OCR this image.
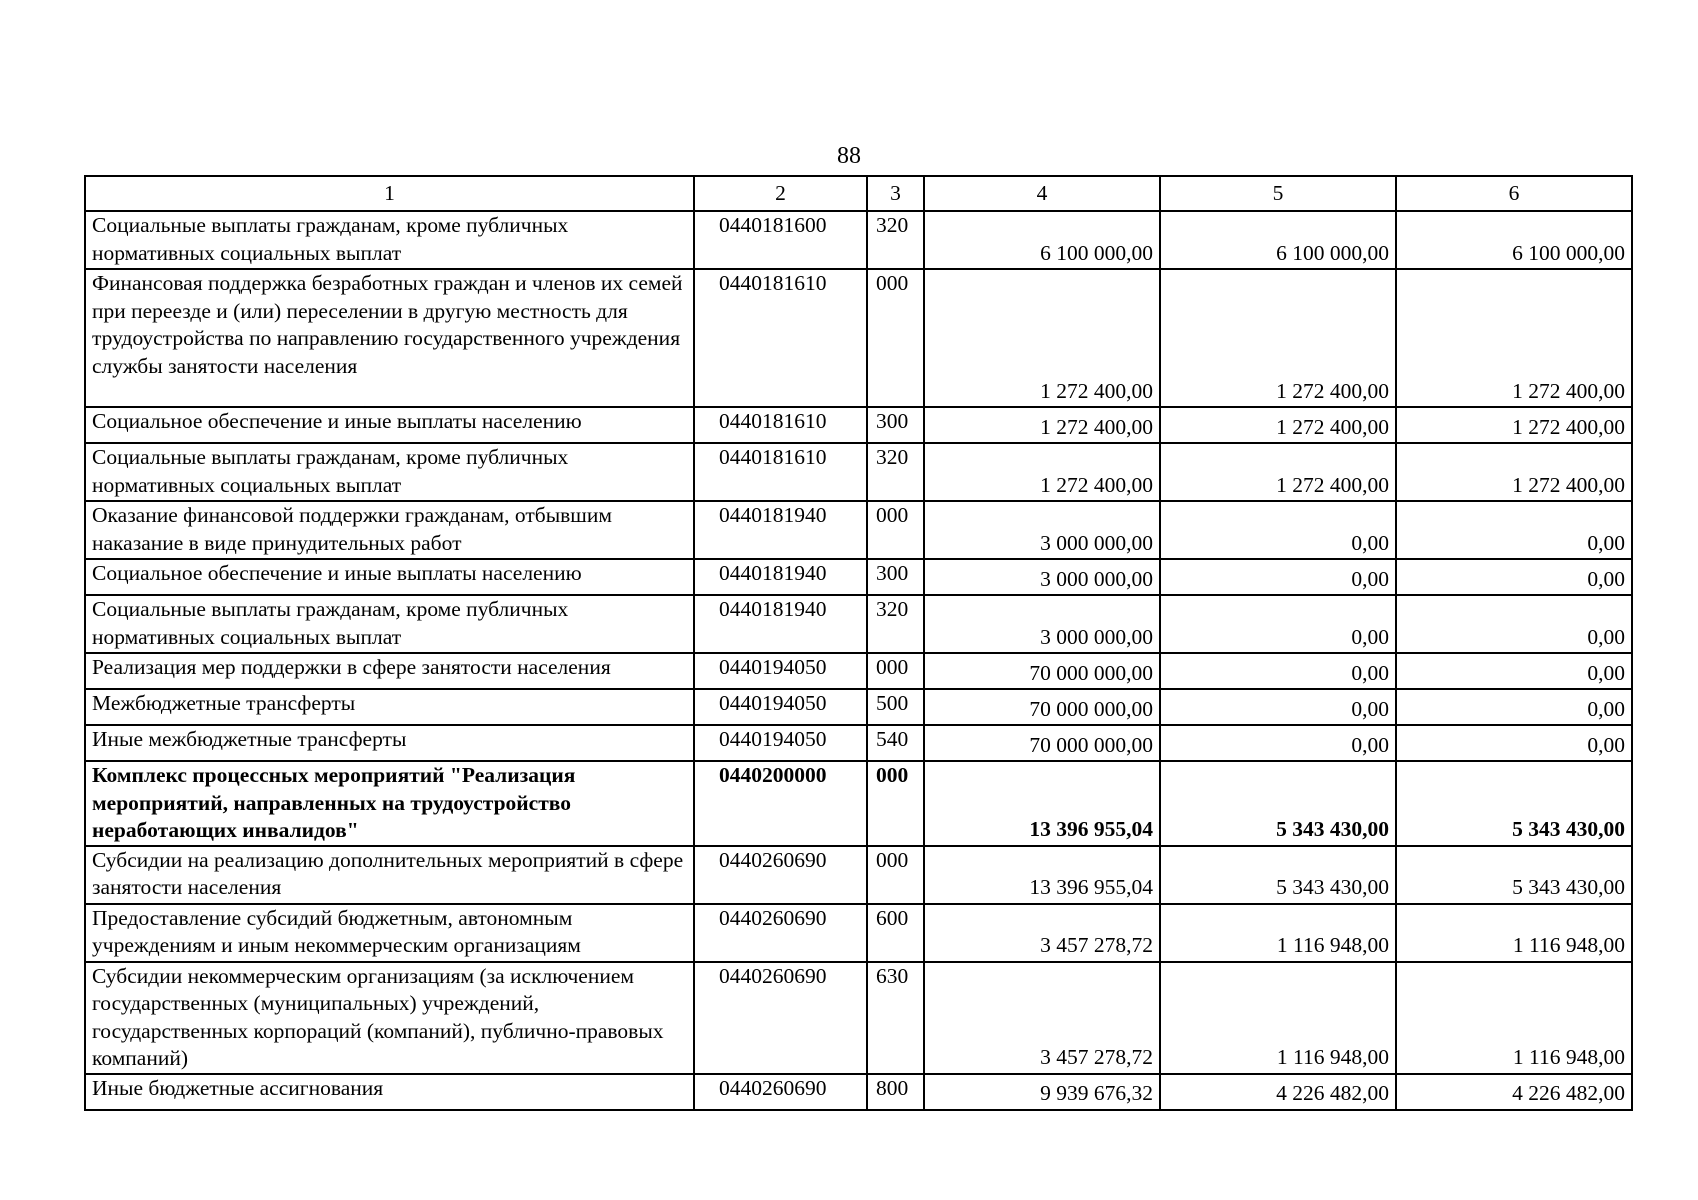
88
1	2	3	4	5	6
Социальные выплаты гражданам, кроме публичных нормативных социальных выплат	0440181600	320	6 100 000,00	6 100 000,00	6 100 000,00
Финансовая поддержка безработных граждан и членов их семей при переезде и (или) переселении в другую местность для трудоустройства по направлению государственного учреждения службы занятости населения	0440181610	000	1 272 400,00	1 272 400,00	1 272 400,00
Социальное обеспечение и иные выплаты населению	0440181610	300	1 272 400,00	1 272 400,00	1 272 400,00
Социальные выплаты гражданам, кроме публичных нормативных социальных выплат	0440181610	320	1 272 400,00	1 272 400,00	1 272 400,00
Оказание финансовой поддержки гражданам, отбывшим наказание в виде принудительных работ	0440181940	000	3 000 000,00	0,00	0,00
Социальное обеспечение и иные выплаты населению	0440181940	300	3 000 000,00	0,00	0,00
Социальные выплаты гражданам, кроме публичных нормативных социальных выплат	0440181940	320	3 000 000,00	0,00	0,00
Реализация мер поддержки в сфере занятости населения	0440194050	000	70 000 000,00	0,00	0,00
Межбюджетные трансферты	0440194050	500	70 000 000,00	0,00	0,00
Иные межбюджетные трансферты	0440194050	540	70 000 000,00	0,00	0,00
Комплекс процессных мероприятий "Реализация мероприятий, направленных на трудоустройство неработающих инвалидов"	0440200000	000	13 396 955,04	5 343 430,00	5 343 430,00
Субсидии на реализацию дополнительных мероприятий в сфере занятости населения	0440260690	000	13 396 955,04	5 343 430,00	5 343 430,00
Предоставление субсидий бюджетным, автономным учреждениям и иным некоммерческим организациям	0440260690	600	3 457 278,72	1 116 948,00	1 116 948,00
Субсидии некоммерческим организациям (за исключением государственных (муниципальных) учреждений, государственных корпораций (компаний), публично-правовых компаний)	0440260690	630	3 457 278,72	1 116 948,00	1 116 948,00
Иные бюджетные ассигнования	0440260690	800	9 939 676,32	4 226 482,00	4 226 482,00
